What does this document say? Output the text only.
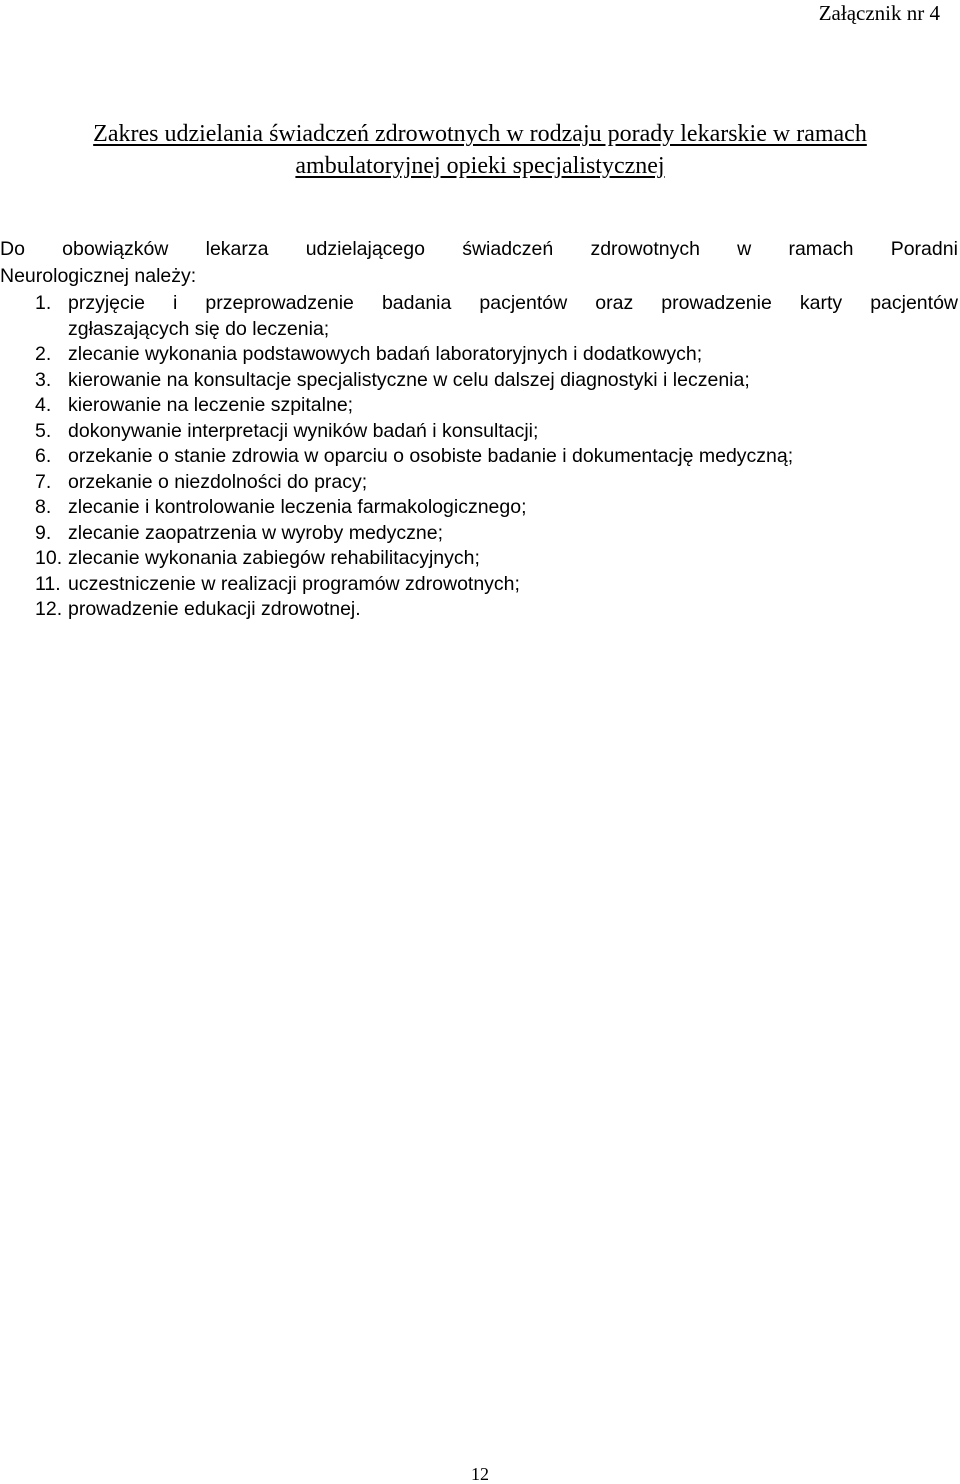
Załącznik nr 4
Zakres udzielania świadczeń zdrowotnych w rodzaju porady lekarskie w ramach
ambulatoryjnej opieki specjalistycznej
Do obowiązków lekarza udzielającego świadczeń zdrowotnych w ramach Poradni
Neurologicznej należy:
1. przyjęcie i przeprowadzenie badania pacjentów oraz prowadzenie karty pacjentów
zgłaszających się do leczenia;
2. zlecanie wykonania podstawowych badań laboratoryjnych i dodatkowych;
3. kierowanie na konsultacje specjalistyczne w celu dalszej diagnostyki i leczenia;
4. kierowanie na leczenie szpitalne;
5. dokonywanie interpretacji wyników badań i konsultacji;
6. orzekanie o stanie zdrowia w oparciu o osobiste badanie i dokumentację medyczną;
7. orzekanie o niezdolności do pracy;
8. zlecanie i kontrolowanie leczenia farmakologicznego;
9. zlecanie zaopatrzenia w wyroby medyczne;
10. zlecanie wykonania zabiegów rehabilitacyjnych;
11. uczestniczenie w realizacji programów zdrowotnych;
12. prowadzenie edukacji zdrowotnej.
12
